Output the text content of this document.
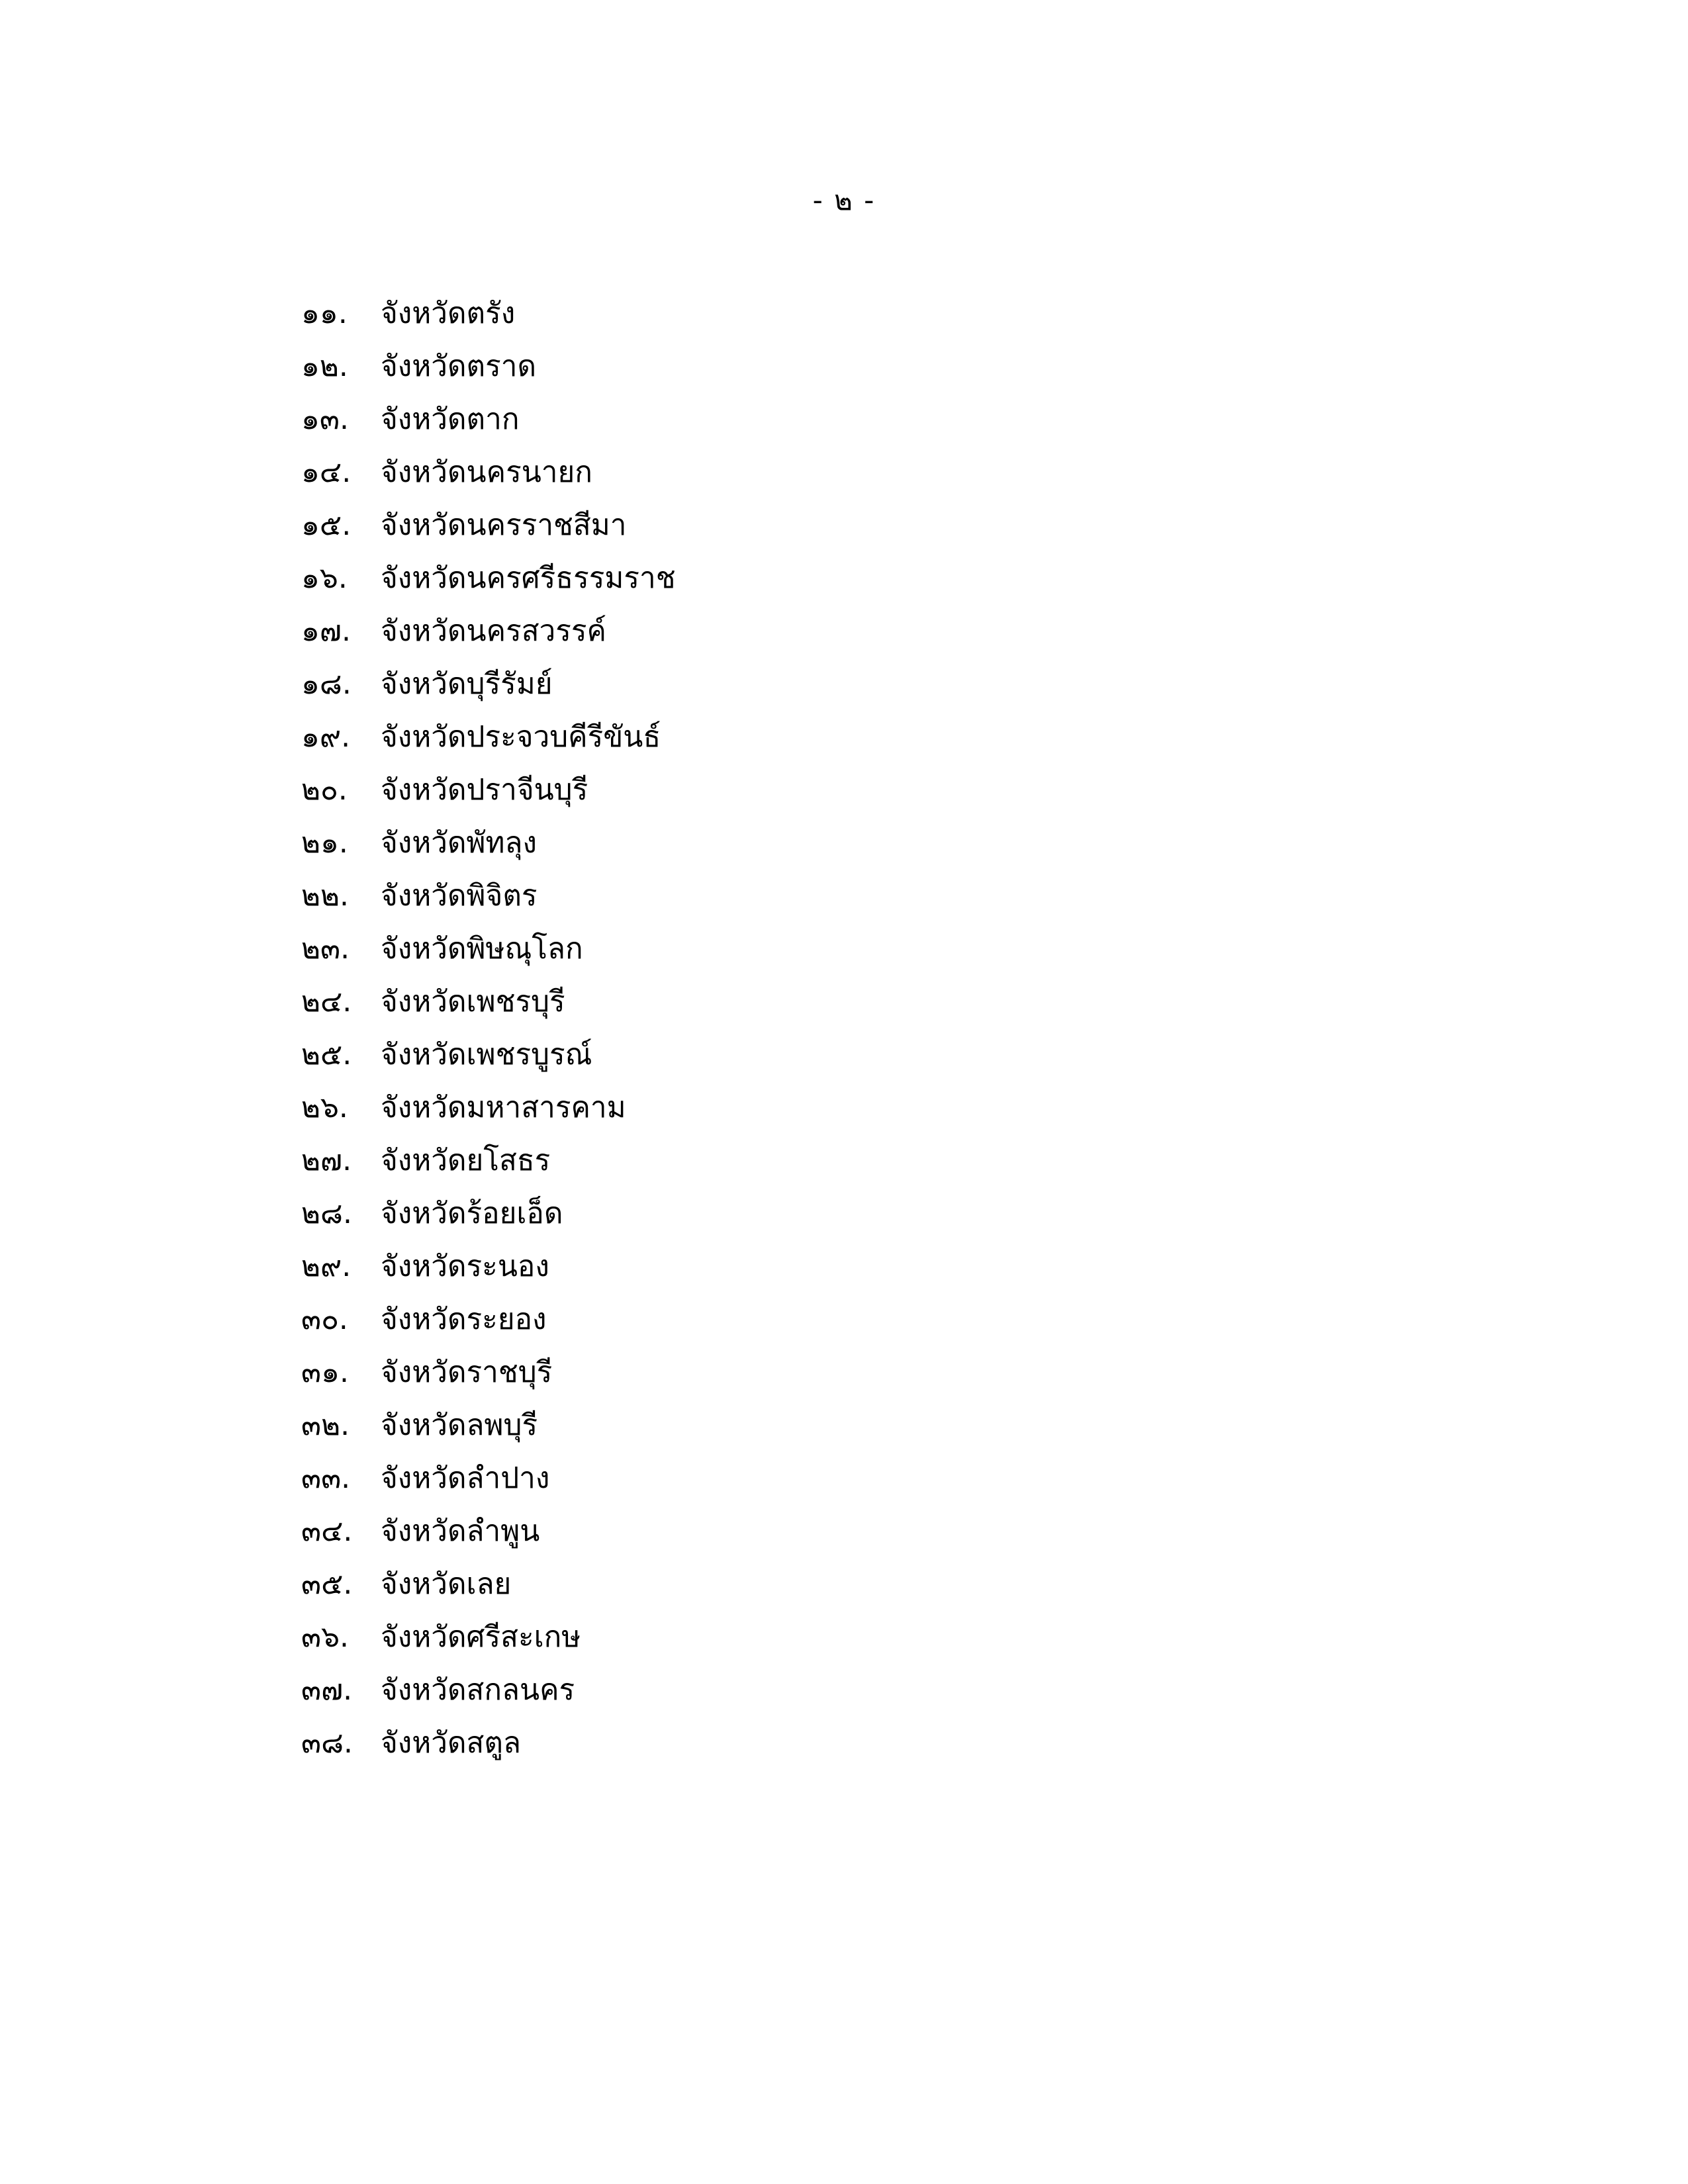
- ๒ -
๑๑.	จังหวัดตรัง
๑๒.	จังหวัดตราด
๑๓.	จังหวัดตาก
๑๔.	จังหวัดนครนายก
๑๕.	จังหวัดนครราชสีมา
๑๖.	จังหวัดนครศรีธรรมราช
๑๗.	จังหวัดนครสวรรค์
๑๘.	จังหวัดบุรีรัมย์
๑๙.	จังหวัดประจวบคีรีขันธ์
๒๐.	จังหวัดปราจีนบุรี
๒๑.	จังหวัดพัทลุง
๒๒.	จังหวัดพิจิตร
๒๓.	จังหวัดพิษณุโลก
๒๔. จังหวัดเพชรบุรี
๒๕. จังหวัดเพชรบูรณ์
๒๖.	จังหวัดมหาสารคาม
๒๗. จังหวัดยโสธร
๒๘. จังหวัดร้อยเอ็ด
๒๙.	จังหวัดระนอง
๓๐.	จังหวัดระยอง
๓๑.	จังหวัดราชบุรี
๓๒.	จังหวัดลพบุรี
๓๓.	จังหวัดลำปาง
๓๔. จังหวัดลำพูน
๓๕. จังหวัดเลย
๓๖.	จังหวัดศรีสะเกษ
๓๗. จังหวัดสกลนคร
๓๘. จังหวัดสตูล
